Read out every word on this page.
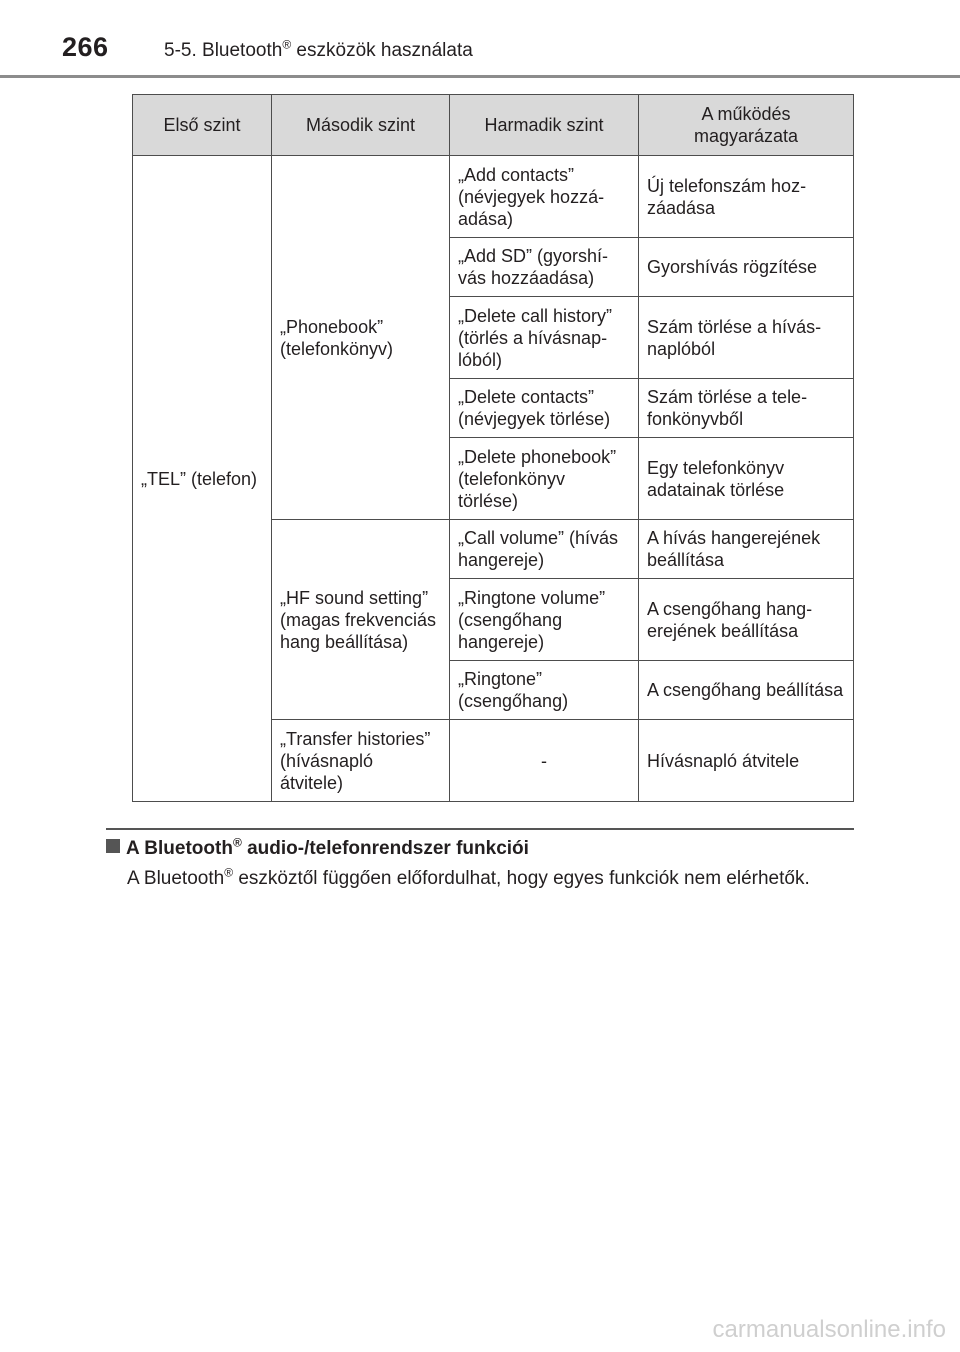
266	5-5. Bluetooth® eszközök használata
Első szint	Második szint	Harmadik szint	A működés magyarázata
„TEL” (telefon)	„Phonebook” (telefonkönyv)	„Add contacts” (névjegyek hozzáadása)	Új telefonszám hozzáadása
		„Add SD” (gyorshívás hozzáadása)	Gyorshívás rögzítése
		„Delete call history” (törlés a hívásnaplóból)	Szám törlése a hívásnaplóból
		„Delete contacts” (névjegyek törlése)	Szám törlése a telefonkönyvből
		„Delete phonebook” (telefonkönyv törlése)	Egy telefonkönyv adatainak törlése
	„HF sound setting” (magas frekvenciás hang beállítása)	„Call volume” (hívás hangereje)	A hívás hangerejének beállítása
		„Ringtone volume” (csengőhang hangereje)	A csengőhang hangerejének beállítása
		„Ringtone” (csengőhang)	A csengőhang beállítása
	„Transfer histories” (hívásnapló átvitele)	-	Hívásnapló átvitele
A Bluetooth® audio-/telefonrendszer funkciói
A Bluetooth® eszköztől függően előfordulhat, hogy egyes funkciók nem elérhetők.
carmanualsonline.info
